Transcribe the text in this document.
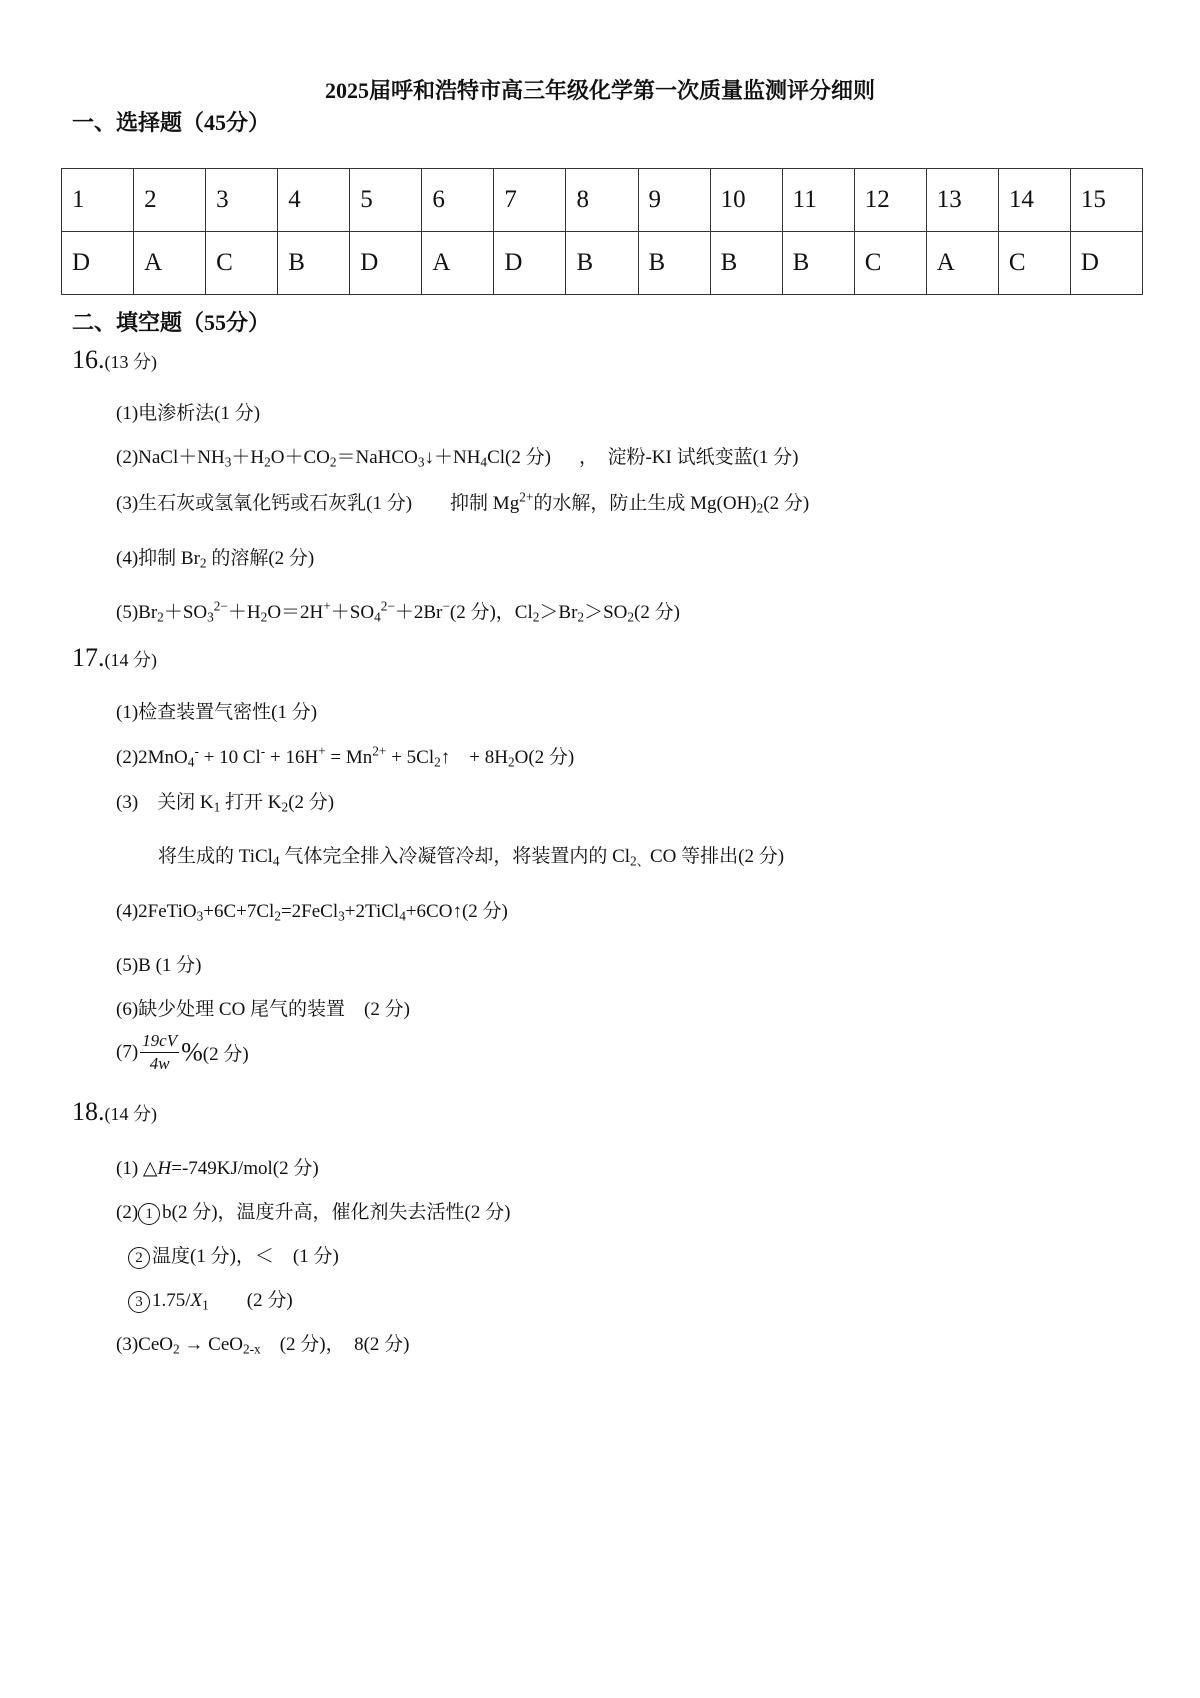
2025届呼和浩特市高三年级化学第一次质量监测评分细则
一、选择题（45分）
1	2	3	4	5	6	7	8	9	10	11	12	13	14	15
D	A	C	B	D	A	D	B	B	B	B	C	A	C	D
二、填空题（55分）
16.(13 分)
(1)电渗析法(1 分)
$(2)NaCl+NH_3+H_2O+CO_2=NaHCO_3↓+NH_4Cl(2$ 分) ，　淀粉-KI 试纸变蓝(1 分)
(3)生石灰或氢氧化钙或石灰乳(1 分)　　抑制 $Mg^{2+}$的水解，防止生成 $Mg(OH)_2(2$ 分)
(4)抑制 $Br_2$ 的溶解(2 分)
$(5)Br_2+SO_3^{2-}+H_2O=2H^++SO_4^{2-}+2Br^-(2$ 分)，$Cl_2>Br_2>SO_2(2$ 分)
17.(14 分)
(1)检查装置气密性(1 分)
(2)2MnO$_4$- + 10 $Cl^- + 16H^+ = Mn^{2+}$ + $5Cl_2↑$　+ $8H_2O(2$ 分)
(3)　关闭 $K_1$ 打开 $K_2(2$ 分)
将生成的 TiCl$_4$ 气体完全排入冷凝管冷却，将装置内的 $Cl_{2、}CO$ 等排出(2 分)
$(4)2FeTiO_3+6C+7Cl_2=2FeCl_3+2TiCl_4+6CO↑(2$ 分)
(5)B (1 分)
(6)缺少处理 CO 尾气的装置　(2 分)
$(7) \frac{19cV}{4w} \%(2$ 分)
18.(14 分)
(1) △H=-749KJ/mol(2 分)
(2) 1 b(2 分)，温度升高，催化剂失去活性(2 分)
2 温度(1 分)，＜　(1 分)
3 $1.75/X_1$　　(2 分)
(3)CeO$_2$ → CeO$_{2-x}$　(2 分)，　8(2 分)
